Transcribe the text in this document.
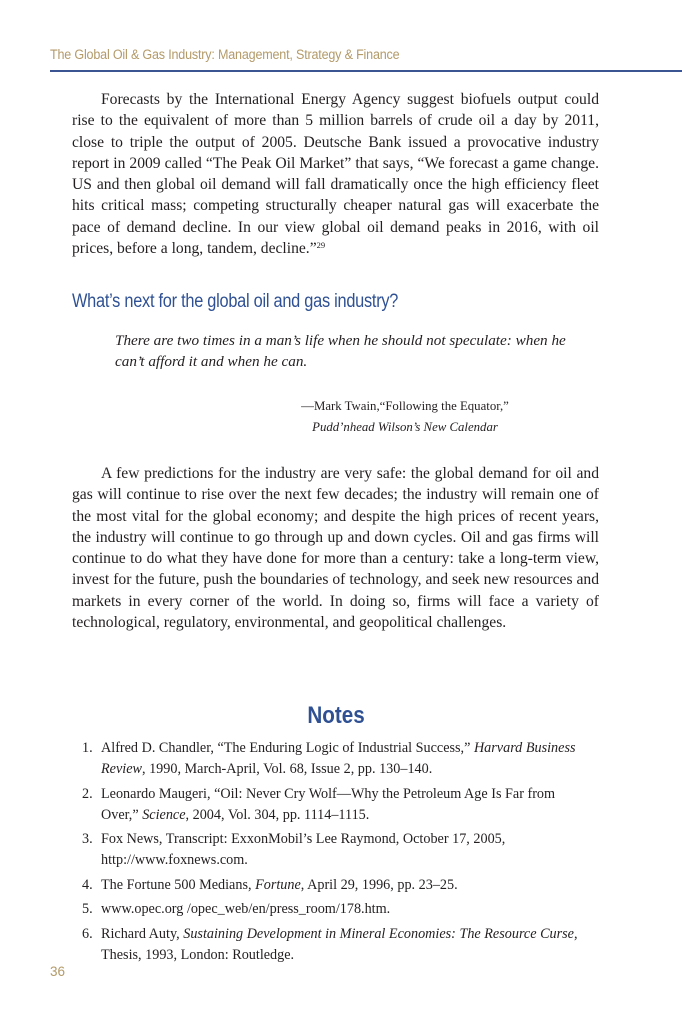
The Global Oil & Gas Industry: Management, Strategy & Finance

Forecasts by the International Energy Agency suggest biofuels output could rise to the equivalent of more than 5 million barrels of crude oil a day by 2011, close to triple the output of 2005. Deutsche Bank issued a provocative industry report in 2009 called “The Peak Oil Market” that says, “We forecast a game change. US and then global oil demand will fall dramatically once the high efficiency fleet hits critical mass; competing structurally cheaper natural gas will exacerbate the pace of demand decline. In our view global oil demand peaks in 2016, with oil prices, before a long, tandem, decline.”$^{29}$

What’s next for the global oil and gas industry?

There are two times in a man’s life when he should not speculate: when he can’t afford it and when he can.

—Mark Twain,“Following the Equator,”
Pudd’nhead Wilson’s New Calendar

A few predictions for the industry are very safe: the global demand for oil and gas will continue to rise over the next few decades; the industry will remain one of the most vital for the global economy; and despite the high prices of recent years, the industry will continue to go through up and down cycles. Oil and gas firms will continue to do what they have done for more than a century: take a long-term view, invest for the future, push the boundaries of technology, and seek new resources and markets in every corner of the world. In doing so, firms will face a variety of technological, regulatory, environmental, and geopolitical challenges.

Notes
1. Alfred D. Chandler, “The Enduring Logic of Industrial Success,” Harvard Business Review, 1990, March-April, Vol. 68, Issue 2, pp. 130–140.
2. Leonardo Maugeri, “Oil: Never Cry Wolf—Why the Petroleum Age Is Far from Over,” Science, 2004, Vol. 304, pp. 1114–1115.
3. Fox News, Transcript: ExxonMobil’s Lee Raymond, October 17, 2005, http://www.foxnews.com.
4. The Fortune 500 Medians, Fortune, April 29, 1996, pp. 23–25.
5. www.opec.org /opec_web/en/press_room/178.htm.
6. Richard Auty, Sustaining Development in Mineral Economies: The Resource Curse, Thesis, 1993, London: Routledge.
36
